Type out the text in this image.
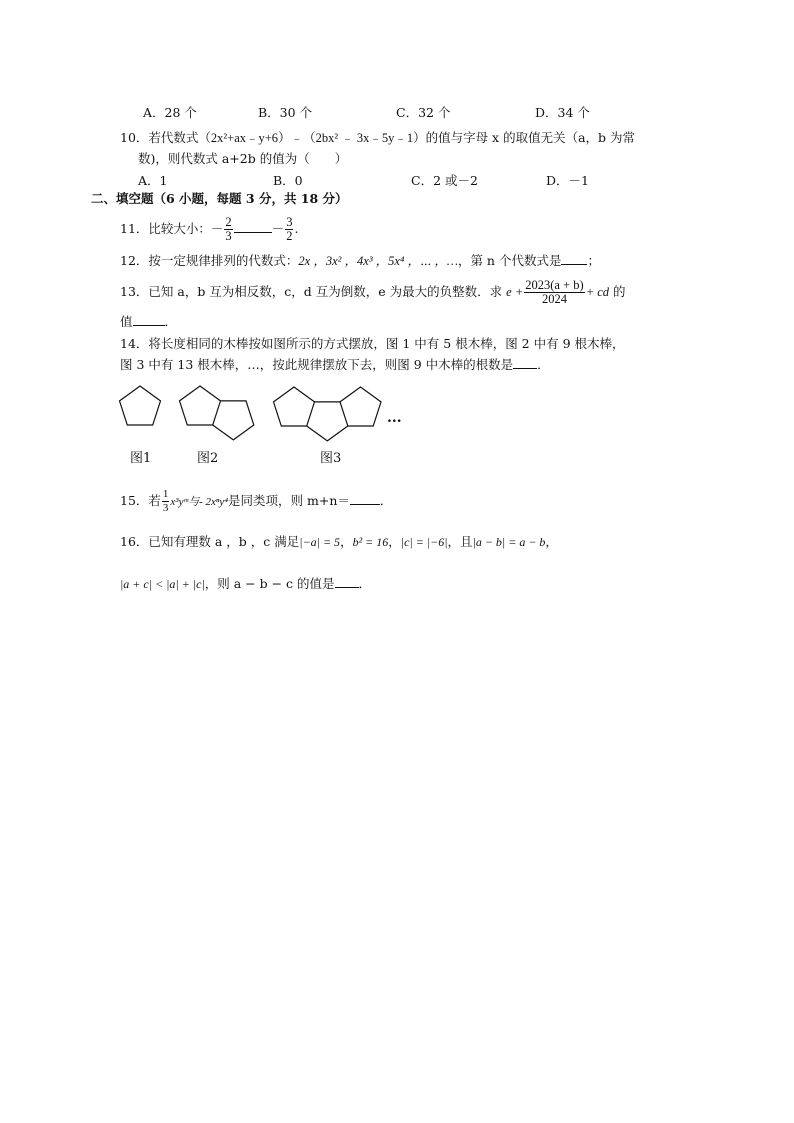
A．28 个	B．30 个	C．32 个	D．34 个
10．若代数式（2x²+ax﹣y+6）﹣（2bx² ﹣ 3x﹣5y﹣1）的值与字母 x 的取值无关（a，b 为常
数)，则代数式 a+2b 的值为（　　）
A．1	B．0	C．2 或－2	D．－1
二、填空题（6 小题，每题 3 分，共 18 分）
11．比较大小：－ $\frac{2}{3}$	－ $\frac{3}{2}$ .
12．按一定规律排列的代数式：2x ，3x² ，4x³ ，5x⁴ ，⋯ ，…，第 n 个代数式是 ；
13．已知 a，b 互为相反数，c，d 互为倒数，e 为最大的负整数．求 $e + \frac{2023(a + b)}{2024}$ + cd 的
值	．
14．将长度相同的木棒按如图所示的方式摆放，图 1 中有 5 根木棒，图 2 中有 9 根木棒，
图 3 中有 13 根木棒，…，按此规律摆放下去，则图 9 中木棒的根数是 ．
...
图1	图2	图3
15．若 $\frac{1}{3}$ x³yᵐ与- 2xⁿy⁴是同类项，则 m+n＝ ．
16．已知有理数 a ，b ，c 满足|−a| = 5，b² = 16，|c| = |−6|，且|a − b| = a − b，
|a + c| < |a| + |c|，则 a − b − c 的值是 ．
